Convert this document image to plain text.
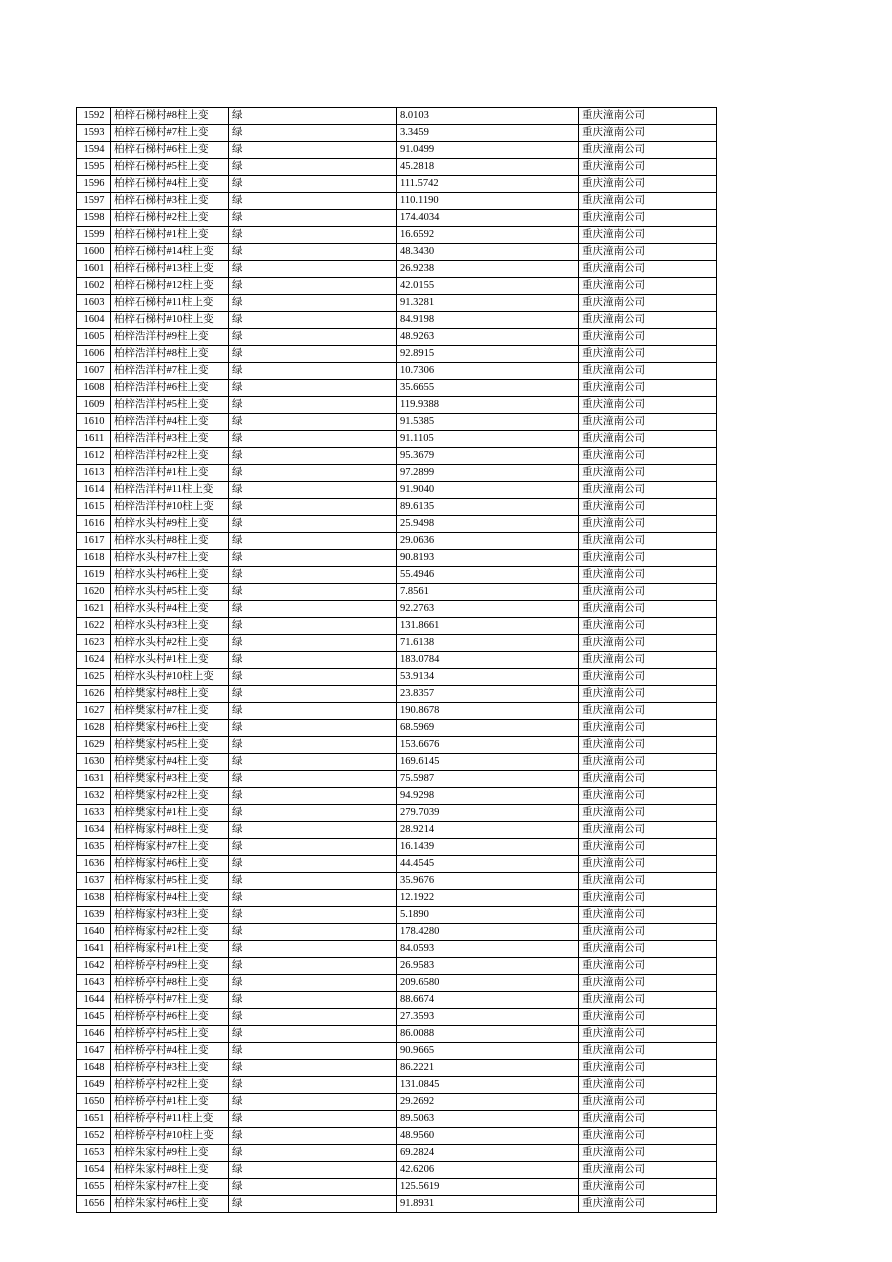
1592	柏梓石梯村#8柱上变	绿	8.0103	重庆潼南公司
1593	柏梓石梯村#7柱上变	绿	3.3459	重庆潼南公司
1594	柏梓石梯村#6柱上变	绿	91.0499	重庆潼南公司
1595	柏梓石梯村#5柱上变	绿	45.2818	重庆潼南公司
1596	柏梓石梯村#4柱上变	绿	111.5742	重庆潼南公司
1597	柏梓石梯村#3柱上变	绿	110.1190	重庆潼南公司
1598	柏梓石梯村#2柱上变	绿	174.4034	重庆潼南公司
1599	柏梓石梯村#1柱上变	绿	16.6592	重庆潼南公司
1600	柏梓石梯村#14柱上变	绿	48.3430	重庆潼南公司
1601	柏梓石梯村#13柱上变	绿	26.9238	重庆潼南公司
1602	柏梓石梯村#12柱上变	绿	42.0155	重庆潼南公司
1603	柏梓石梯村#11柱上变	绿	91.3281	重庆潼南公司
1604	柏梓石梯村#10柱上变	绿	84.9198	重庆潼南公司
1605	柏梓浩洋村#9柱上变	绿	48.9263	重庆潼南公司
1606	柏梓浩洋村#8柱上变	绿	92.8915	重庆潼南公司
1607	柏梓浩洋村#7柱上变	绿	10.7306	重庆潼南公司
1608	柏梓浩洋村#6柱上变	绿	35.6655	重庆潼南公司
1609	柏梓浩洋村#5柱上变	绿	119.9388	重庆潼南公司
1610	柏梓浩洋村#4柱上变	绿	91.5385	重庆潼南公司
1611	柏梓浩洋村#3柱上变	绿	91.1105	重庆潼南公司
1612	柏梓浩洋村#2柱上变	绿	95.3679	重庆潼南公司
1613	柏梓浩洋村#1柱上变	绿	97.2899	重庆潼南公司
1614	柏梓浩洋村#11柱上变	绿	91.9040	重庆潼南公司
1615	柏梓浩洋村#10柱上变	绿	89.6135	重庆潼南公司
1616	柏梓水头村#9柱上变	绿	25.9498	重庆潼南公司
1617	柏梓水头村#8柱上变	绿	29.0636	重庆潼南公司
1618	柏梓水头村#7柱上变	绿	90.8193	重庆潼南公司
1619	柏梓水头村#6柱上变	绿	55.4946	重庆潼南公司
1620	柏梓水头村#5柱上变	绿	7.8561	重庆潼南公司
1621	柏梓水头村#4柱上变	绿	92.2763	重庆潼南公司
1622	柏梓水头村#3柱上变	绿	131.8661	重庆潼南公司
1623	柏梓水头村#2柱上变	绿	71.6138	重庆潼南公司
1624	柏梓水头村#1柱上变	绿	183.0784	重庆潼南公司
1625	柏梓水头村#10柱上变	绿	53.9134	重庆潼南公司
1626	柏梓樊家村#8柱上变	绿	23.8357	重庆潼南公司
1627	柏梓樊家村#7柱上变	绿	190.8678	重庆潼南公司
1628	柏梓樊家村#6柱上变	绿	68.5969	重庆潼南公司
1629	柏梓樊家村#5柱上变	绿	153.6676	重庆潼南公司
1630	柏梓樊家村#4柱上变	绿	169.6145	重庆潼南公司
1631	柏梓樊家村#3柱上变	绿	75.5987	重庆潼南公司
1632	柏梓樊家村#2柱上变	绿	94.9298	重庆潼南公司
1633	柏梓樊家村#1柱上变	绿	279.7039	重庆潼南公司
1634	柏梓梅家村#8柱上变	绿	28.9214	重庆潼南公司
1635	柏梓梅家村#7柱上变	绿	16.1439	重庆潼南公司
1636	柏梓梅家村#6柱上变	绿	44.4545	重庆潼南公司
1637	柏梓梅家村#5柱上变	绿	35.9676	重庆潼南公司
1638	柏梓梅家村#4柱上变	绿	12.1922	重庆潼南公司
1639	柏梓梅家村#3柱上变	绿	5.1890	重庆潼南公司
1640	柏梓梅家村#2柱上变	绿	178.4280	重庆潼南公司
1641	柏梓梅家村#1柱上变	绿	84.0593	重庆潼南公司
1642	柏梓桥亭村#9柱上变	绿	26.9583	重庆潼南公司
1643	柏梓桥亭村#8柱上变	绿	209.6580	重庆潼南公司
1644	柏梓桥亭村#7柱上变	绿	88.6674	重庆潼南公司
1645	柏梓桥亭村#6柱上变	绿	27.3593	重庆潼南公司
1646	柏梓桥亭村#5柱上变	绿	86.0088	重庆潼南公司
1647	柏梓桥亭村#4柱上变	绿	90.9665	重庆潼南公司
1648	柏梓桥亭村#3柱上变	绿	86.2221	重庆潼南公司
1649	柏梓桥亭村#2柱上变	绿	131.0845	重庆潼南公司
1650	柏梓桥亭村#1柱上变	绿	29.2692	重庆潼南公司
1651	柏梓桥亭村#11柱上变	绿	89.5063	重庆潼南公司
1652	柏梓桥亭村#10柱上变	绿	48.9560	重庆潼南公司
1653	柏梓朱家村#9柱上变	绿	69.2824	重庆潼南公司
1654	柏梓朱家村#8柱上变	绿	42.6206	重庆潼南公司
1655	柏梓朱家村#7柱上变	绿	125.5619	重庆潼南公司
1656	柏梓朱家村#6柱上变	绿	91.8931	重庆潼南公司
